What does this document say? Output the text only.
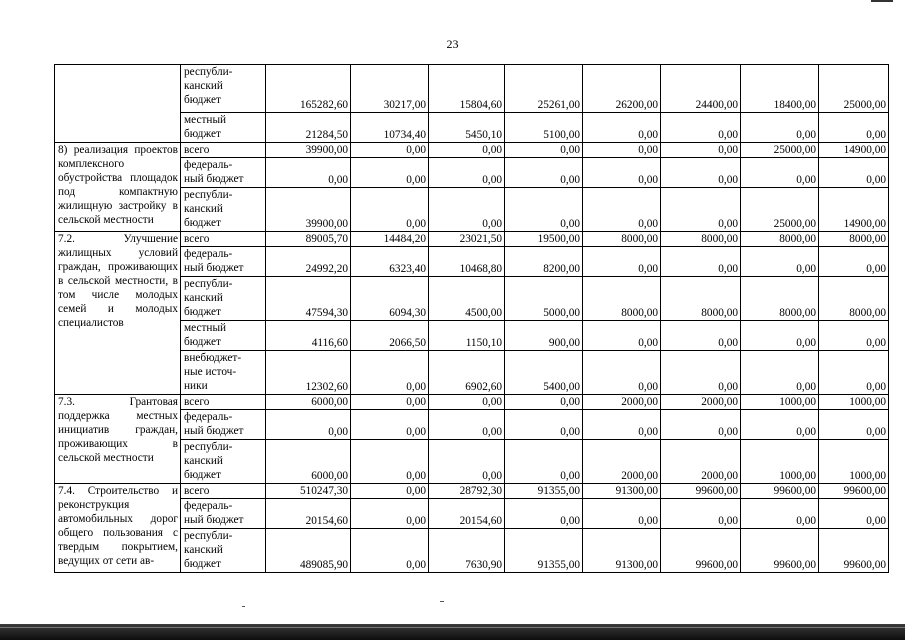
23
	республи-
канский
бюджет	165282,60	30217,00	15804,60	25261,00	26200,00	24400,00	18400,00	25000,00
	местный
бюджет	21284,50	10734,40	5450,10	5100,00	0,00	0,00	0,00	0,00
8) реализация проектов комплексного обустройства площадок под компактную жилищную застройку в сельской местности	всего	39900,00	0,00	0,00	0,00	0,00	0,00	25000,00	14900,00
	федераль-
ный бюджет	0,00	0,00	0,00	0,00	0,00	0,00	0,00	0,00
	республи-
канский
бюджет	39900,00	0,00	0,00	0,00	0,00	0,00	25000,00	14900,00
7.2. Улучшение жилищных условий граждан, проживающих в сельской местности, в том числе молодых семей и молодых специалистов	всего	89005,70	14484,20	23021,50	19500,00	8000,00	8000,00	8000,00	8000,00
	федераль-
ный бюджет	24992,20	6323,40	10468,80	8200,00	0,00	0,00	0,00	0,00
	республи-
канский
бюджет	47594,30	6094,30	4500,00	5000,00	8000,00	8000,00	8000,00	8000,00
	местный
бюджет	4116,60	2066,50	1150,10	900,00	0,00	0,00	0,00	0,00
	внебюджет-
ные источ-
ники	12302,60	0,00	6902,60	5400,00	0,00	0,00	0,00	0,00
7.3. Грантовая поддержка местных инициатив граждан, проживающих в сельской местности	всего	6000,00	0,00	0,00	0,00	2000,00	2000,00	1000,00	1000,00
	федераль-
ный бюджет	0,00	0,00	0,00	0,00	0,00	0,00	0,00	0,00
	республи-
канский
бюджет	6000,00	0,00	0,00	0,00	2000,00	2000,00	1000,00	1000,00
7.4. Строительство и реконструкция автомобильных дорог общего пользования с твердым покрытием, ведущих от сети ав-	всего	510247,30	0,00	28792,30	91355,00	91300,00	99600,00	99600,00	99600,00
	федераль-
ный бюджет	20154,60	0,00	20154,60	0,00	0,00	0,00	0,00	0,00
	республи-
канский
бюджет	489085,90	0,00	7630,90	91355,00	91300,00	99600,00	99600,00	99600,00
